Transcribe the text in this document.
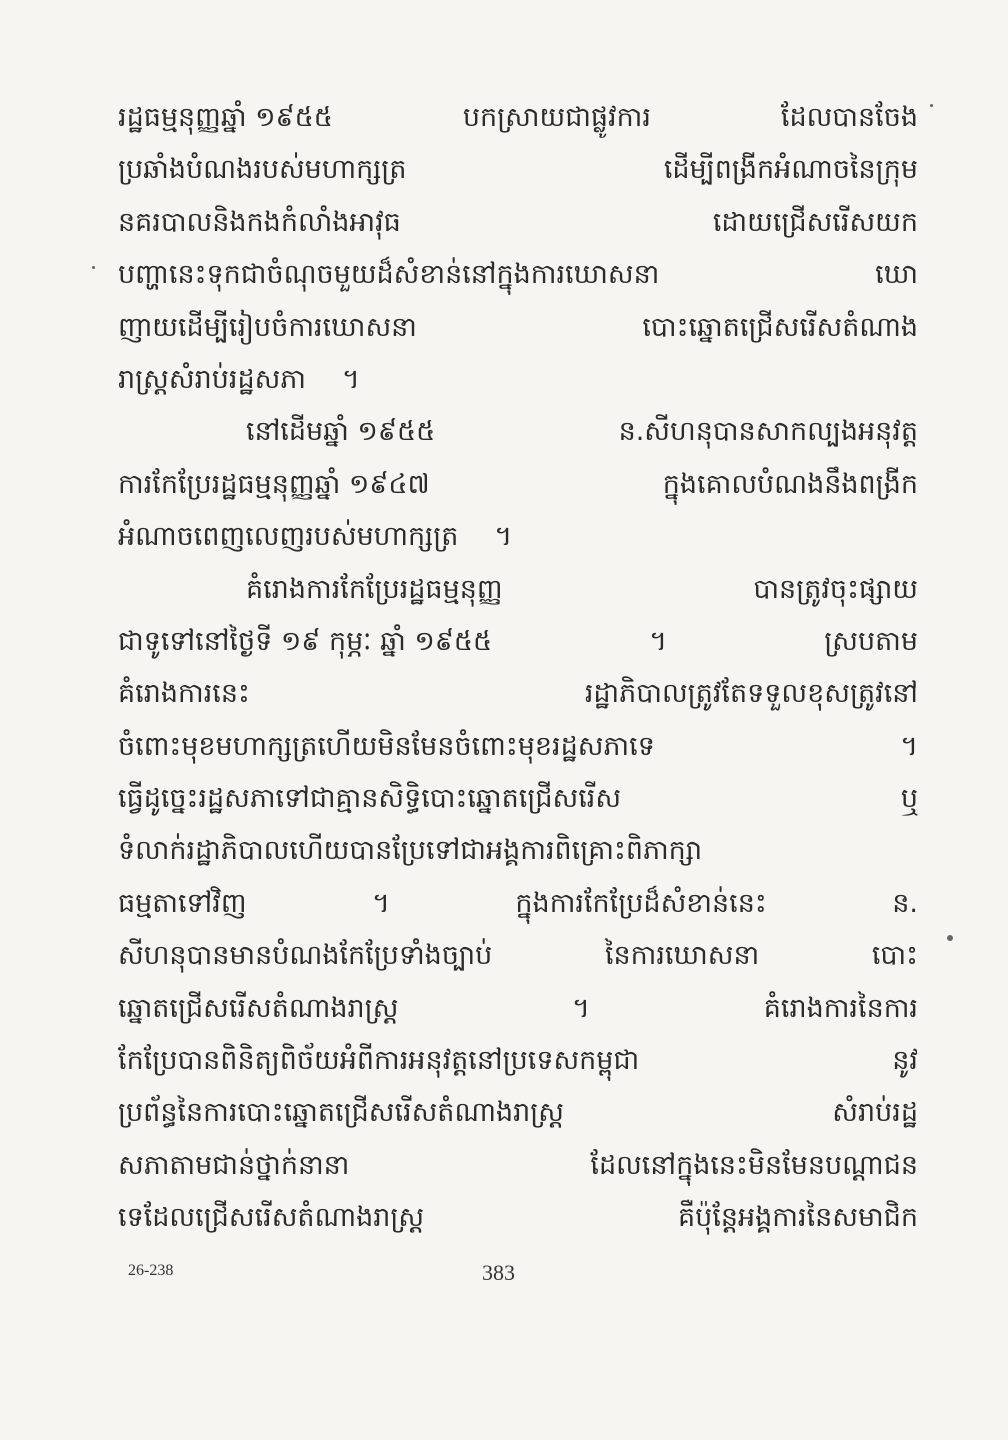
រដ្ឋធម្មនុញ្ញឆ្នាំ ១៩៥៥	បកស្រាយជាផ្លូវការ	ដែលបានចែង
ប្រឆាំងបំណងរបស់មហាក្សត្រ	ដើម្បីពង្រីកអំណាចនៃក្រុម
នគរបាលនិងកងកំលាំងអាវុធ	ដោយជ្រើសរើសយក
បញ្ហានេះទុកជាចំណុចមួយដ៏សំខាន់នៅក្នុងការឃោសនា	ឃោ
ញាយដើម្បីរៀបចំការឃោសនា	បោះឆ្នោតជ្រើសរើសតំណាង
រាស្ត្រសំរាប់រដ្ឋសភា ។
នៅដើមឆ្នាំ ១៩៥៥	ន.សីហនុបានសាកល្បងអនុវត្ត
ការកែប្រែរដ្ឋធម្មនុញ្ញឆ្នាំ ១៩៤៧	ក្នុងគោលបំណងនឹងពង្រីក
អំណាចពេញលេញរបស់មហាក្សត្រ ។
គំរោងការកែប្រែរដ្ឋធម្មនុញ្ញ	បានត្រូវចុះផ្សាយ
ជាទូទៅនៅថ្ងៃទី ១៩ កុម្ភៈ ឆ្នាំ ១៩៥៥	។	ស្របតាម
គំរោងការនេះ	រដ្ឋាភិបាលត្រូវតែទទួលខុសត្រូវនៅ
ចំពោះមុខមហាក្សត្រហើយមិនមែនចំពោះមុខរដ្ឋសភាទេ	។
ធ្វើដូច្នេះរដ្ឋសភាទៅជាគ្មានសិទ្ធិបោះឆ្នោតជ្រើសរើស	ឬ
ទំលាក់រដ្ឋាភិបាលហើយបានប្រែទៅជាអង្គការពិគ្រោះពិភាក្សា
ធម្មតាទៅវិញ	។	ក្នុងការកែប្រែដ៏សំខាន់នេះ	ន.
សីហនុបានមានបំណងកែប្រែទាំងច្បាប់	នៃការឃោសនា	បោះ
ឆ្នោតជ្រើសរើសតំណាងរាស្ត្រ	។	គំរោងការនៃការ
កែប្រែបានពិនិត្យពិច័យអំពីការអនុវត្តនៅប្រទេសកម្ពុជា	នូវ
ប្រព័ន្ធនៃការបោះឆ្នោតជ្រើសរើសតំណាងរាស្ត្រ	សំរាប់រដ្ឋ
សភាតាមជាន់ថ្នាក់នានា	ដែលនៅក្នុងនេះមិនមែនបណ្ដាជន
ទេដែលជ្រើសរើសតំណាងរាស្ត្រ	គឺប៉ុន្តែអង្គការនៃសមាជិក
26-238	383
